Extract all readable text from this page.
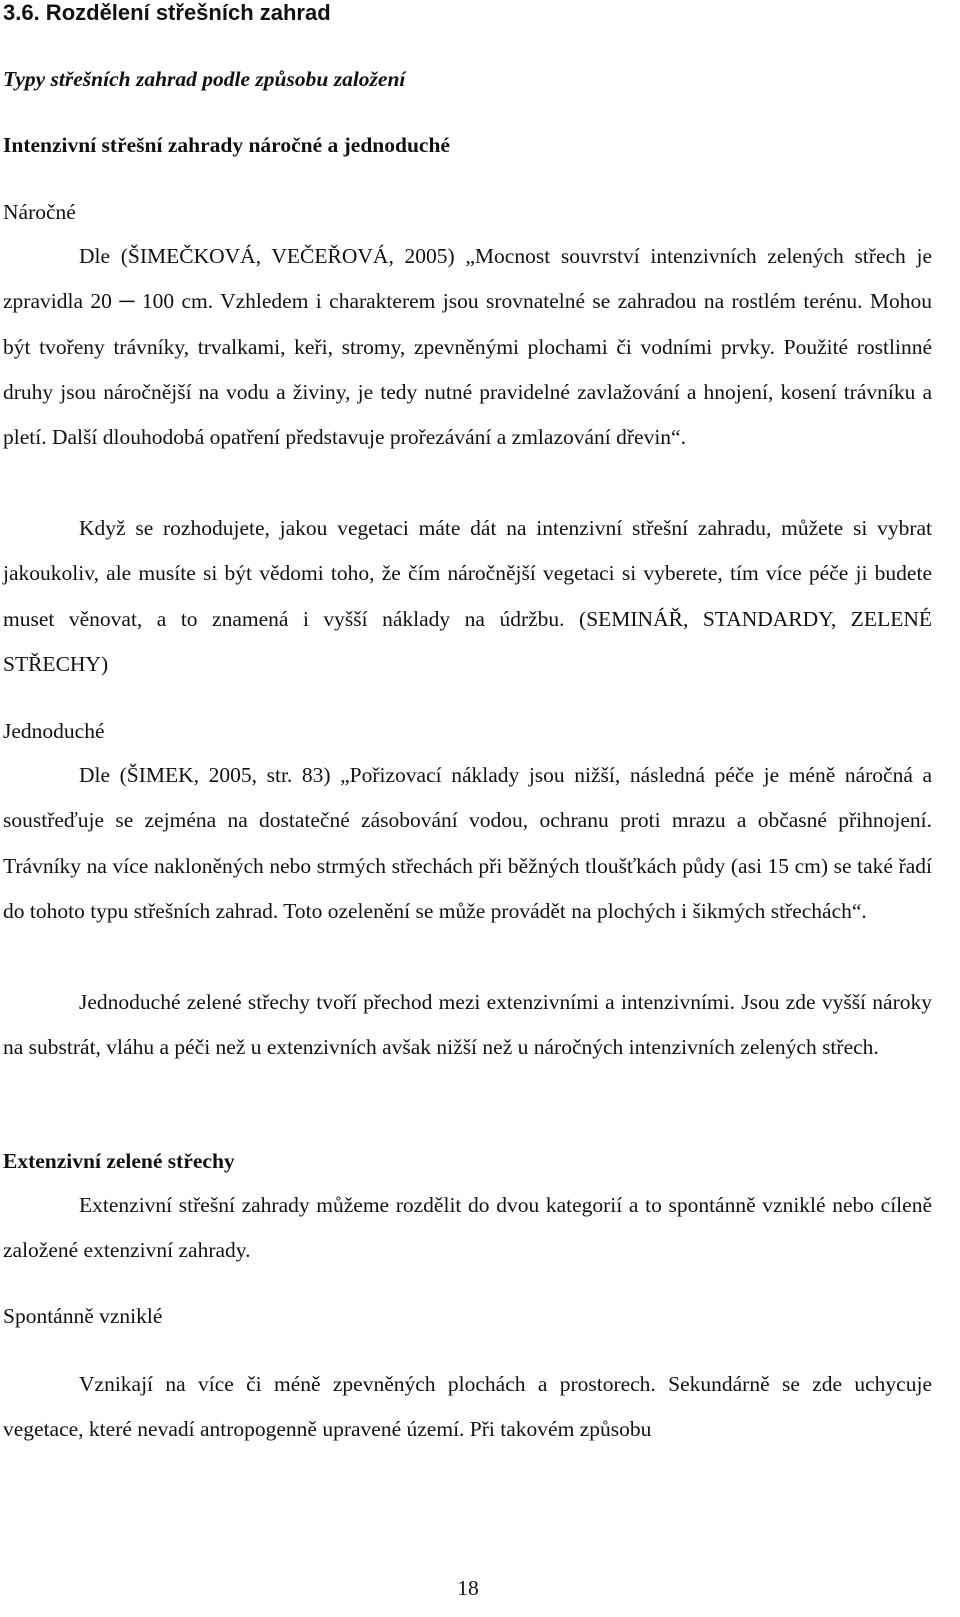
3.6. Rozdělení střešních zahrad
Typy střešních zahrad podle způsobu založení
Intenzivní střešní zahrady náročné a jednoduché
Náročné

Dle (ŠIMEČKOVÁ, VEČEŘOVÁ, 2005) „Mocnost souvrství intenzivních zelených střech je zpravidla 20 ─ 100 cm. Vzhledem i charakterem jsou srovnatelné se zahradou na rostlém terénu. Mohou být tvořeny trávníky, trvalkami, keři, stromy, zpevněnými plochami či vodními prvky. Použité rostlinné druhy jsou náročnější na vodu a živiny, je tedy nutné pravidelné zavlažování a hnojení, kosení trávníku a pletí. Další dlouhodobá opatření představuje prořezávání a zmlazování dřevin“.

Když se rozhodujete, jakou vegetaci máte dát na intenzivní střešní zahradu, můžete si vybrat jakoukoliv, ale musíte si být vědomi toho, že čím náročnější vegetaci si vyberete, tím více péče ji budete muset věnovat, a to znamená i vyšší náklady na údržbu. (SEMINÁŘ, STANDARDY, ZELENÉ STŘECHY)

Jednoduché

Dle (ŠIMEK, 2005, str. 83) „Pořizovací náklady jsou nižší, následná péče je méně náročná a soustřeďuje se zejména na dostatečné zásobování vodou, ochranu proti mrazu a občasné přihnojení. Trávníky na více nakloněných nebo strmých střechách při běžných tloušťkách půdy (asi 15 cm) se také řadí do tohoto typu střešních zahrad. Toto ozelenění se může provádět na plochých i šikmých střechách“.

Jednoduché zelené střechy tvoří přechod mezi extenzivními a intenzivními. Jsou zde vyšší nároky na substrát, vláhu a péči než u extenzivních avšak nižší než u náročných intenzivních zelených střech.

Extenzivní zelené střechy

Extenzivní střešní zahrady můžeme rozdělit do dvou kategorií a to spontánně vzniklé nebo cíleně založené extenzivní zahrady.

Spontánně vzniklé

Vznikají na více či méně zpevněných plochách a prostorech. Sekundárně se zde uchycuje vegetace, které nevadí antropogenně upravené území. Při takovém způsobu

18
